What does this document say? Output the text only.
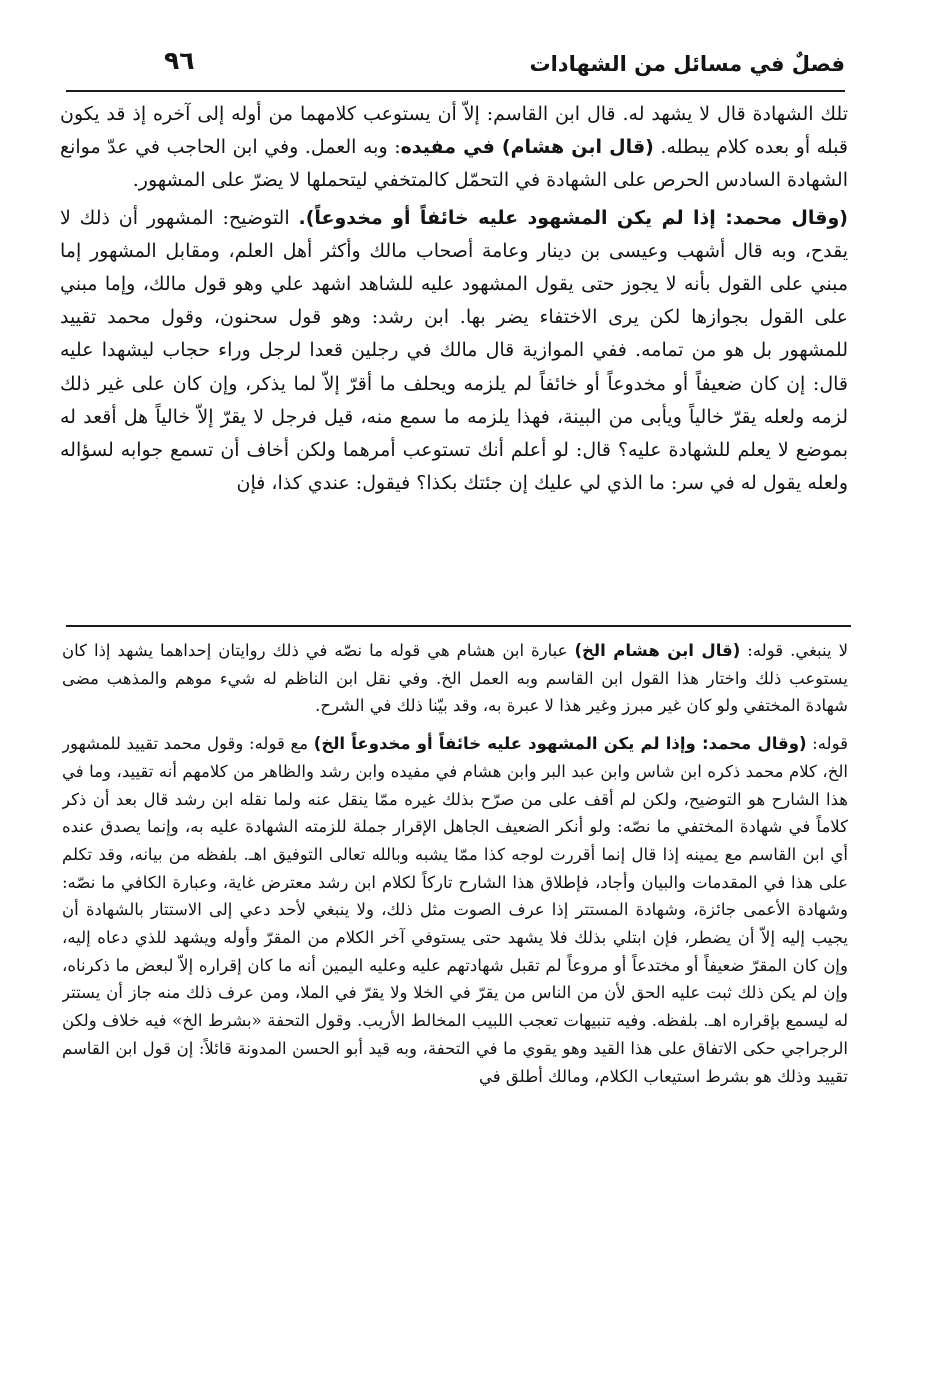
٩٦	فصلٌ في مسائل من الشهادات

تلك الشهادة قال لا يشهد له. قال ابن القاسم: إلاّ أن يستوعب كلامهما من أوله إلى آخره إذ قد يكون قبله أو بعده كلام يبطله. (قال ابن هشام) في مفيده: وبه العمل. وفي ابن الحاجب في عدّ موانع الشهادة السادس الحرص على الشهادة في التحمّل كالمتخفي ليتحملها لا يضرّ على المشهور.

(وقال محمد: إذا لم يكن المشهود عليه خائفاً أو مخدوعاً). التوضيح: المشهور أن ذلك لا يقدح، وبه قال أشهب وعيسى بن دينار وعامة أصحاب مالك وأكثر أهل العلم، ومقابل المشهور إما مبني على القول بأنه لا يجوز حتى يقول المشهود عليه للشاهد اشهد علي وهو قول مالك، وإما مبني على القول بجوازها لكن يرى الاختفاء يضر بها. ابن رشد: وهو قول سحنون، وقول محمد تقييد للمشهور بل هو من تمامه. ففي الموازية قال مالك في رجلين قعدا لرجل وراء حجاب ليشهدا عليه قال: إن كان ضعيفاً أو مخدوعاً أو خائفاً لم يلزمه ويحلف ما أقرّ إلاّ لما يذكر، وإن كان على غير ذلك لزمه ولعله يقرّ خالياً ويأبى من البينة، فهذا يلزمه ما سمع منه، قيل فرجل لا يقرّ إلاّ خالياً هل أقعد له بموضع لا يعلم للشهادة عليه؟ قال: لو أعلم أنك تستوعب أمرهما ولكن أخاف أن تسمع جوابه لسؤاله ولعله يقول له في سر: ما الذي لي عليك إن جئتك بكذا؟ فيقول: عندي كذا، فإن

لا ينبغي. قوله: (قال ابن هشام الخ) عبارة ابن هشام هي قوله ما نصّه في ذلك روايتان إحداهما يشهد إذا كان يستوعب ذلك واختار هذا القول ابن القاسم وبه العمل الخ. وفي نقل ابن الناظم له شيء موهم والمذهب مضى شهادة المختفي ولو كان غير مبرز وغير هذا لا عبرة به، وقد بيّنا ذلك في الشرح.

قوله: (وقال محمد: وإذا لم يكن المشهود عليه خائفاً أو مخدوعاً الخ) مع قوله: وقول محمد تقييد للمشهور الخ، كلام محمد ذكره ابن شاس وابن عبد البر وابن هشام في مفيده وابن رشد والظاهر من كلامهم أنه تقييد، وما في هذا الشارح هو التوضيح، ولكن لم أقف على من صرّح بذلك غيره ممّا ينقل عنه ولما نقله ابن رشد قال بعد أن ذكر كلاماً في شهادة المختفي ما نصّه: ولو أنكر الضعيف الجاهل الإقرار جملة للزمته الشهادة عليه به، وإنما يصدق عنده أي ابن القاسم مع يمينه إذا قال إنما أقررت لوجه كذا ممّا يشبه وبالله تعالى التوفيق اهـ. بلفظه من بيانه، وقد تكلم على هذا في المقدمات والبيان وأجاد، فإطلاق هذا الشارح تاركاً لكلام ابن رشد معترض غاية، وعبارة الكافي ما نصّه: وشهادة الأعمى جائزة، وشهادة المستتر إذا عرف الصوت مثل ذلك، ولا ينبغي لأحد دعي إلى الاستتار بالشهادة أن يجيب إليه إلاّ أن يضطر، فإن ابتلي بذلك فلا يشهد حتى يستوفي آخر الكلام من المقرّ وأوله ويشهد للذي دعاه إليه، وإن كان المقرّ ضعيفاً أو مختدعاً أو مروعاً لم تقبل شهادتهم عليه وعليه اليمين أنه ما كان إقراره إلاّ لبعض ما ذكرناه، وإن لم يكن ذلك ثبت عليه الحق لأن من الناس من يقرّ في الخلا ولا يقرّ في الملا، ومن عرف ذلك منه جاز أن يستتر له ليسمع بإقراره اهـ. بلفظه. وفيه تنبيهات تعجب اللبيب المخالط الأريب. وقول التحفة «بشرط الخ» فيه خلاف ولكن الرجراجي حكى الاتفاق على هذا القيد وهو يقوي ما في التحفة، وبه قيد أبو الحسن المدونة قائلاً: إن قول ابن القاسم تقييد وذلك هو بشرط استيعاب الكلام، ومالك أطلق في
